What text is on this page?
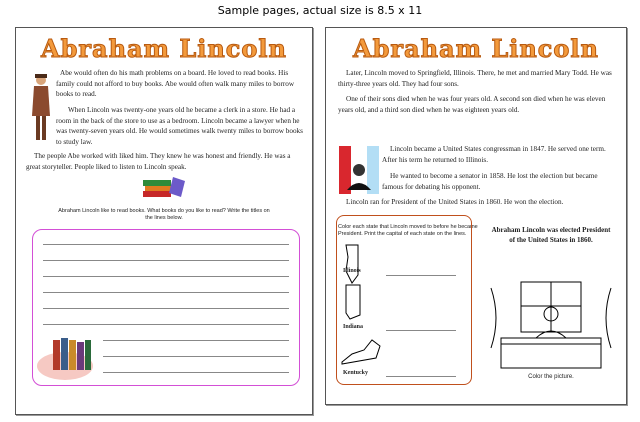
Sample pages, actual size is 8.5 x 11
Abraham Lincoln
Abe would often do his math problems on a board. He loved to read books. His family could not afford to buy books. Abe would often walk many miles to borrow books to read.
When Lincoln was twenty-one years old he became a clerk in a store. He had a room in the back of the store to use as a bedroom. Lincoln became a lawyer when he was twenty-seven years old. He would sometimes walk twenty miles to borrow books to study law.
The people Abe worked with liked him. They knew he was honest and friendly. He was a great storyteller. People liked to listen to Lincoln speak.
Abraham Lincoln like to read books. What books do you like to read? Write the titles on the lines below.
Abraham Lincoln
Later, Lincoln moved to Springfield, Illinois. There, he met and married Mary Todd. He was thirty-three years old. They had four sons.
One of their sons died when he was four years old. A second son died when he was eleven years old, and a third son died when he was eighteen years old.
Lincoln became a United States congressman in 1847. He served one term. After his term he returned to Illinois.
He wanted to become a senator in 1858. He lost the election but became famous for debating his opponent.
Lincoln ran for President of the United States in 1860. He won the election.
Color each state that Lincoln moved to before he became President. Print the capital of each state on the lines.
Illinois
Indiana
Kentucky
Abraham Lincoln was elected President of the United States in 1860.
Color the picture.
